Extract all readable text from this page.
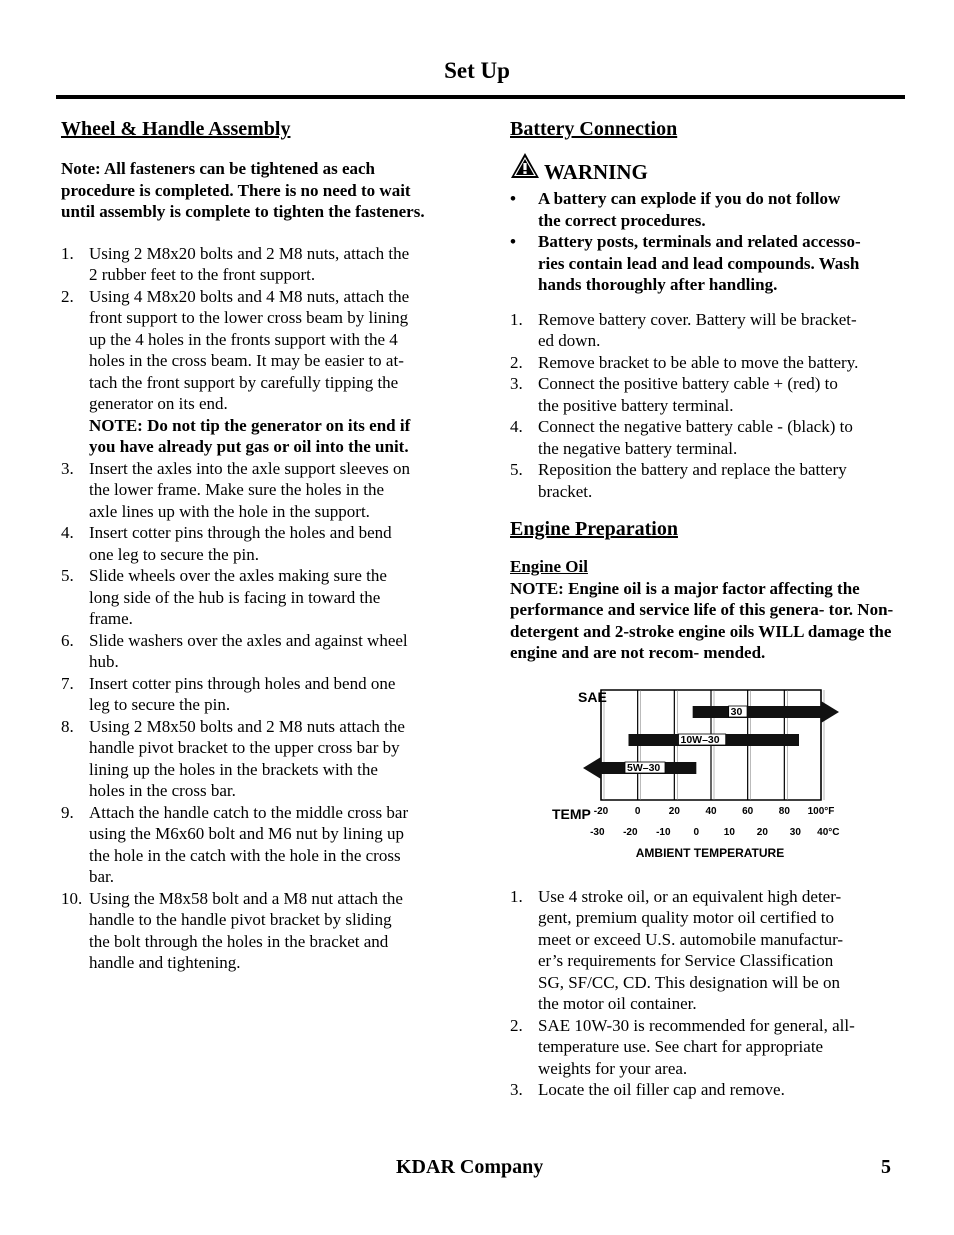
Set Up
Wheel & Handle Assembly

Note: All fasteners can be tightened as each procedure is completed. There is no need to wait until assembly is complete to tighten the fasteners.

1. Using 2 M8x20 bolts and 2 M8 nuts, attach the
2 rubber feet to the front support.
2. Using 4 M8x20 bolts and 4 M8 nuts, attach the
front support to the lower cross beam by lining
up the 4 holes in the fronts support with the 4
holes in the cross beam. It may be easier to at-
tach the front support by carefully tipping the
generator on its end.
NOTE: Do not tip the generator on its end if
you have already put gas or oil into the unit.
3. Insert the axles into the axle support sleeves on
the lower frame. Make sure the holes in the
axle lines up with the hole in the support.
4. Insert cotter pins through the holes and bend
one leg to secure the pin.
5. Slide wheels over the axles making sure the
long side of the hub is facing in toward the
frame.
6. Slide washers over the axles and against wheel
hub.
7. Insert cotter pins through holes and bend one
leg to secure the pin.
8. Using 2 M8x50 bolts and 2 M8 nuts attach the
handle pivot bracket to the upper cross bar by
lining up the holes in the brackets with the
holes in the cross bar.
9. Attach the handle catch to the middle cross bar
using the M6x60 bolt and M6 nut by lining up
the hole in the catch with the hole in the cross
bar.
10. Using the M8x58 bolt and a M8 nut attach the
handle to the handle pivot bracket by sliding
the bolt through the holes in the bracket and
handle and tightening.
Battery Connection
WARNING
• A battery can explode if you do not follow
the correct procedures.
• Battery posts, terminals and related accesso-
ries contain lead and lead compounds. Wash
hands thoroughly after handling.
1. Remove battery cover. Battery will be bracket-
ed down.
2. Remove bracket to be able to move the battery.
3. Connect the positive battery cable + (red) to
the positive battery terminal.
4. Connect the negative battery cable - (black) to
the negative battery terminal.
5. Reposition the battery and replace the battery
bracket.
Engine Preparation

Engine Oil

NOTE: Engine oil is a major factor affecting the performance and service life of this genera- tor. Non-detergent and 2-stroke engine oils WILL damage the engine and are not recom- mended.

SAE
TEMP
30
10W–30
5W–30
-20	0	20	40	60	80 100°F
-30 -20 -10 0 10 20 30 40°C
AMBIENT TEMPERATURE
1. Use 4 stroke oil, or an equivalent high deter-
gent, premium quality motor oil certified to
meet or exceed U.S. automobile manufactur-
er’s requirements for Service Classification
SG, SF/CC, CD. This designation will be on
the motor oil container.
2. SAE 10W-30 is recommended for general, all-
temperature use. See chart for appropriate
weights for your area.
3. Locate the oil filler cap and remove.
KDAR Company	5
